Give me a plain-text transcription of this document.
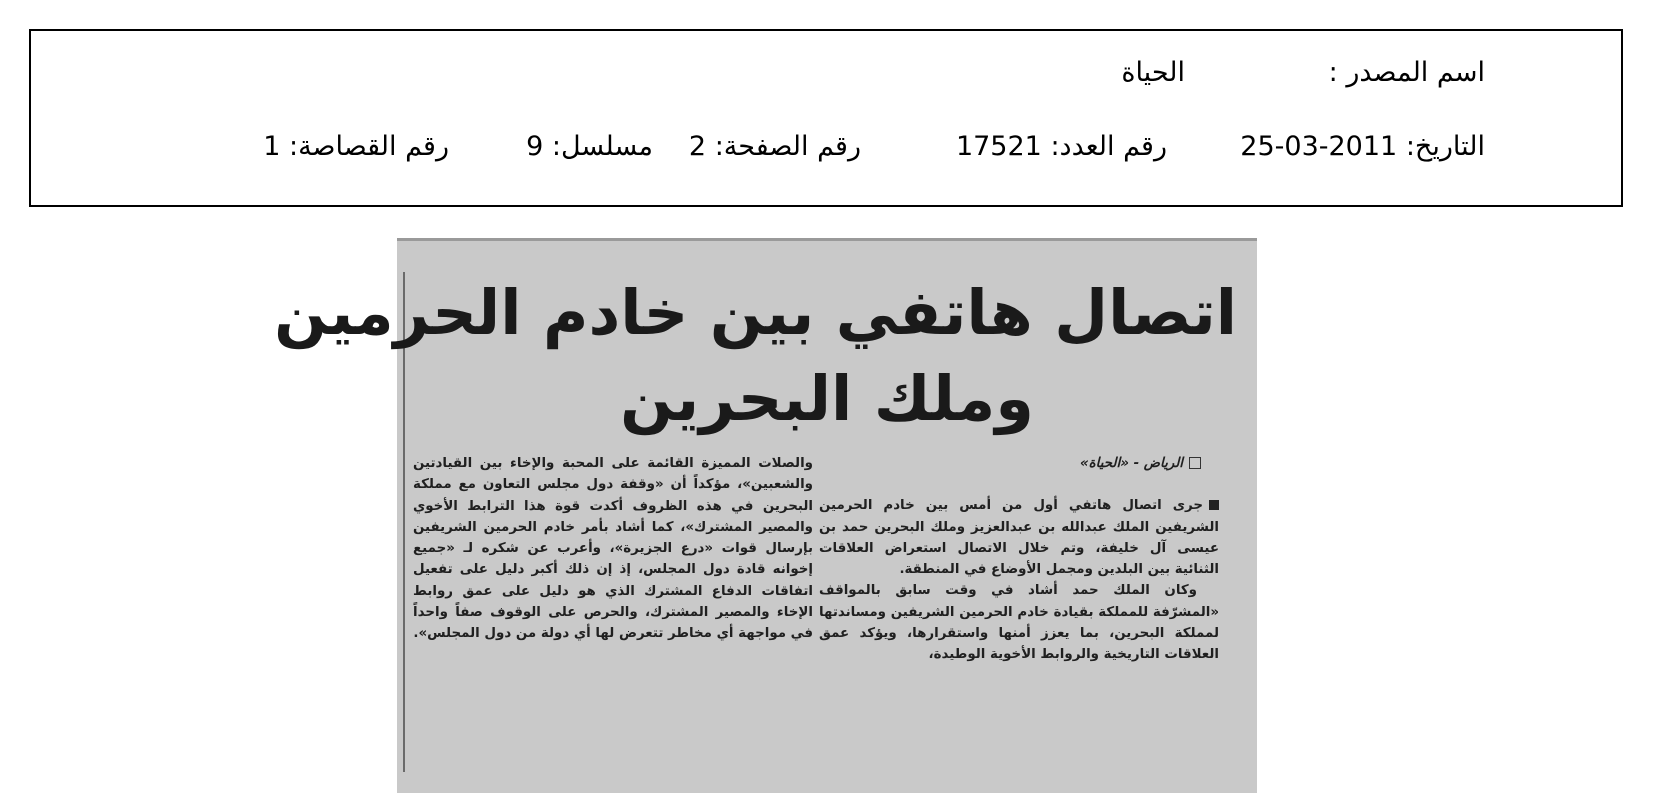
اسم المصدر :
الحياة
التاريخ: 2011-03-25
رقم العدد: 17521
رقم الصفحة: 2
مسلسل: 9
رقم القصاصة: 1
اتصال هاتفي بين خادم الحرمين
وملك البحرين

الرياض - «الحياة»

جرى اتصال هاتفي أول من أمس بين خادم الحرمين الشريفين الملك عبدالله بن عبدالعزيز وملك البحرين حمد بن عيسى آل خليفة، وتم خلال الاتصال استعراض العلاقات الثنائية بين البلدين ومجمل الأوضاع في المنطقة.

وكان الملك حمد أشاد في وقت سابق بالمواقف «المشرّفة للمملكة بقيادة خادم الحرمين الشريفين ومساندتها لمملكة البحرين، بما يعزز أمنها واستقرارها، ويؤكد عمق العلاقات التاريخية والروابط الأخوية الوطيدة،

والصلات المميزة القائمة على المحبة والإخاء بين القيادتين والشعبين»، مؤكداً أن «وقفة دول مجلس التعاون مع مملكة البحرين في هذه الظروف أكدت قوة هذا الترابط الأخوي والمصير المشترك»، كما أشاد بأمر خادم الحرمين الشريفين بإرسال قوات «درع الجزيرة»، وأعرب عن شكره لـ «جميع إخوانه قادة دول المجلس، إذ إن ذلك أكبر دليل على تفعيل اتفاقات الدفاع المشترك الذي هو دليل على عمق روابط الإخاء والمصير المشترك، والحرص على الوقوف صفاً واحداً في مواجهة أي مخاطر تتعرض لها أي دولة من دول المجلس».
